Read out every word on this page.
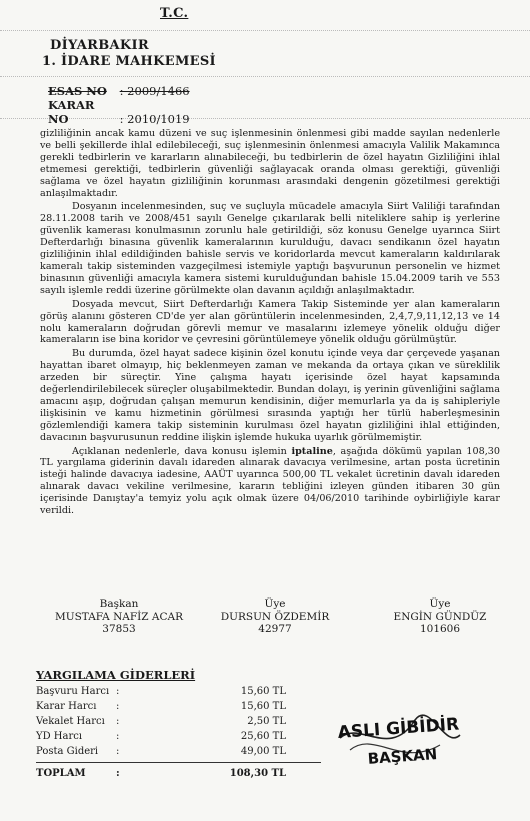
T.C.
DİYARBAKIR
1. İDARE MAHKEMESİ
ESAS NO : 2009/1466
KARAR NO	: 2010/1019

gizliliğinin ancak kamu düzeni ve suç işlenmesinin önlenmesi gibi madde sayılan nedenlerle ve belli şekillerde ihlal edilebileceği, suç işlenmesinin önlenmesi amacıyla Valilik Makamınca gerekli tedbirlerin ve kararların alınabileceği, bu tedbirlerin de özel hayatın Gizliliğini ihlal etmemesi gerektiği, tedbirlerin güvenliği sağlayacak oranda olması gerektiği, güvenliği sağlama ve özel hayatın gizliliğinin korunması arasındaki dengenin gözetilmesi gerektiği anlaşılmaktadır.

Dosyanın incelenmesinden, suç ve suçluyla mücadele amacıyla Siirt Valiliği tarafından 28.11.2008 tarih ve 2008/451 sayılı Genelge çıkarılarak belli niteliklere sahip iş yerlerine güvenlik kamerası konulmasının zorunlu hale getirildiği, söz konusu Genelge uyarınca Siirt Defterdarlığı binasına güvenlik kameralarının kurulduğu, davacı sendikanın özel hayatın gizliliğinin ihlal edildiğinden bahisle servis ve koridorlarda mevcut kameraların kaldırılarak kameralı takip sisteminden vazgeçilmesi istemiyle yaptığı başvurunun personelin ve hizmet binasının güvenliği amacıyla kamera sistemi kurulduğundan bahisle 15.04.2009 tarih ve 553 sayılı işlemle reddi üzerine görülmekte olan davanın açıldığı anlaşılmaktadır.

Dosyada mevcut, Siirt Defterdarlığı Kamera Takip Sisteminde yer alan kameraların görüş alanını gösteren CD'de yer alan görüntülerin incelenmesinden, 2,4,7,9,11,12,13 ve 14 nolu kameraların doğrudan görevli memur ve masalarını izlemeye yönelik olduğu diğer kameraların ise bina koridor ve çevresini görüntülemeye yönelik olduğu görülmüştür.

Bu durumda, özel hayat sadece kişinin özel konutu içinde veya dar çerçevede yaşanan hayattan ibaret olmayıp, hiç beklenmeyen zaman ve mekanda da ortaya çıkan ve süreklilik arzeden bir süreçtir. Yine çalışma hayatı içerisinde özel hayat kapsamında değerlendirilebilecek süreçler oluşabilmektedir. Bundan dolayı, iş yerinin güvenliğini sağlama amacını aşıp, doğrudan çalışan memurun kendisinin, diğer memurlarla ya da iş sahipleriyle ilişkisinin ve kamu hizmetinin görülmesi sırasında yaptığı her türlü haberleşmesinin gözlemlendiği kamera takip sisteminin kurulması özel hayatın gizliliğini ihlal ettiğinden, davacının başvurusunun reddine ilişkin işlemde hukuka uyarlık görülmemiştir.

Açıklanan nedenlerle, dava konusu işlemin iptaline, aşağıda dökümü yapılan 108,30 TL yargılama giderinin davalı idareden alınarak davacıya verilmesine, artan posta ücretinin isteği halinde davacıya iadesine, AAÜT uyarınca 500,00 TL vekalet ücretinin davalı idareden alınarak davacı vekiline verilmesine, kararın tebliğini izleyen günden itibaren 30 gün içerisinde Danıştay'a temyiz yolu açık olmak üzere 04/06/2010 tarihinde oybirliğiyle karar verildi.

Başkan
MUSTAFA NAFİZ ACAR
37853
Üye
DURSUN ÖZDEMİR
42977
Üye
ENGİN GÜNDÜZ
101606
YARGILAMA GİDERLERİ
Başvuru Harcı :	15,60 TL
Karar Harcı :	15,60 TL
Vekalet Harcı :	2,50 TL
YD Harcı	:	25,60 TL
Posta Gideri :	49,00 TL
TOPLAM	:	108,30 TL
ASLI GİBİDİR
BAŞKAN
